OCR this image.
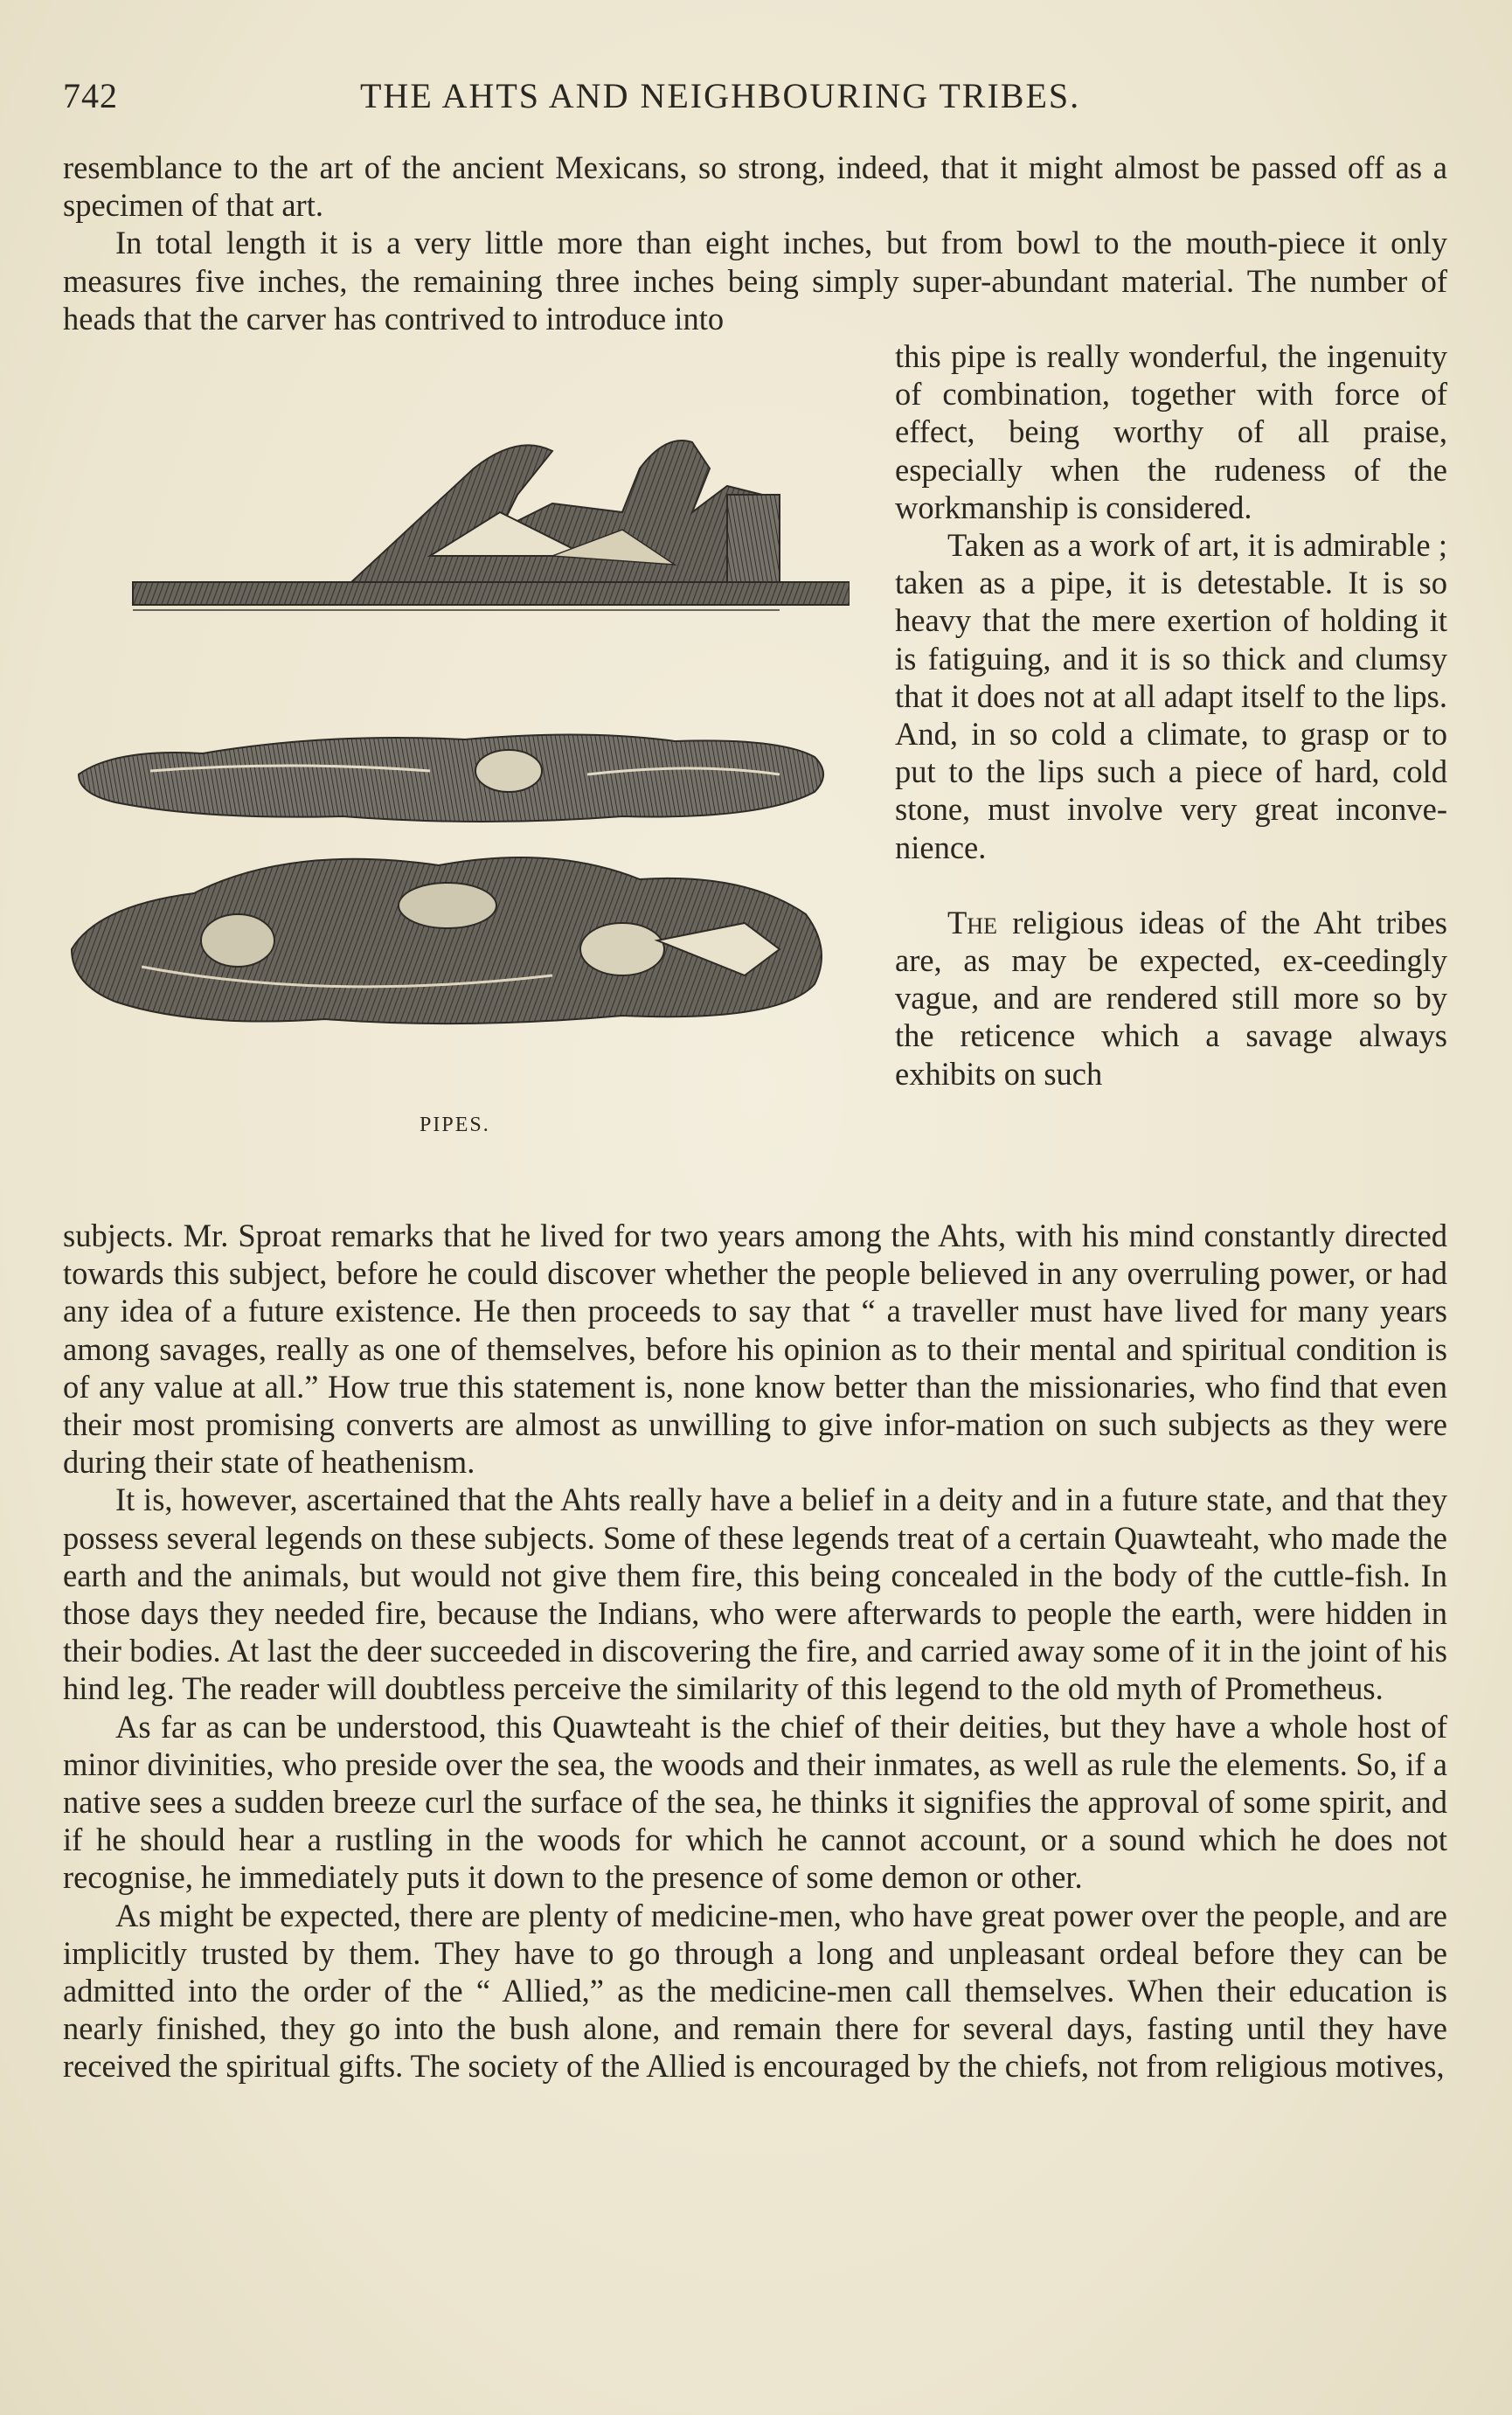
742	THE AHTS AND NEIGHBOURING TRIBES.

resemblance to the art of the ancient Mexicans, so strong, indeed, that it might almost be passed off as a specimen of that art.

In total length it is a very little more than eight inches, but from bowl to the mouth-piece it only measures five inches, the remaining three inches being simply super-abundant material. The number of heads that the carver has contrived to introduce into

PIPES.

this pipe is really wonderful, the ingenuity of combination, together with force of effect, being worthy of all praise, especially when the rudeness of the workmanship is considered.

Taken as a work of art, it is admirable ; taken as a pipe, it is detestable. It is so heavy that the mere exertion of holding it is fatiguing, and it is so thick and clumsy that it does not at all adapt itself to the lips. And, in so cold a climate, to grasp or to put to the lips such a piece of hard, cold stone, must involve very great inconve-nience.

The religious ideas of the Aht tribes are, as may be expected, ex-ceedingly vague, and are rendered still more so by the reticence which a savage always exhibits on such

subjects. Mr. Sproat remarks that he lived for two years among the Ahts, with his mind constantly directed towards this subject, before he could discover whether the people believed in any overruling power, or had any idea of a future existence. He then proceeds to say that “ a traveller must have lived for many years among savages, really as one of themselves, before his opinion as to their mental and spiritual condition is of any value at all.” How true this statement is, none know better than the missionaries, who find that even their most promising converts are almost as unwilling to give infor-mation on such subjects as they were during their state of heathenism.

It is, however, ascertained that the Ahts really have a belief in a deity and in a future state, and that they possess several legends on these subjects. Some of these legends treat of a certain Quawteaht, who made the earth and the animals, but would not give them fire, this being concealed in the body of the cuttle-fish. In those days they needed fire, because the Indians, who were afterwards to people the earth, were hidden in their bodies. At last the deer succeeded in discovering the fire, and carried away some of it in the joint of his hind leg. The reader will doubtless perceive the similarity of this legend to the old myth of Prometheus.

As far as can be understood, this Quawteaht is the chief of their deities, but they have a whole host of minor divinities, who preside over the sea, the woods and their inmates, as well as rule the elements. So, if a native sees a sudden breeze curl the surface of the sea, he thinks it signifies the approval of some spirit, and if he should hear a rustling in the woods for which he cannot account, or a sound which he does not recognise, he immediately puts it down to the presence of some demon or other.

As might be expected, there are plenty of medicine-men, who have great power over the people, and are implicitly trusted by them. They have to go through a long and unpleasant ordeal before they can be admitted into the order of the “ Allied,” as the medicine-men call themselves. When their education is nearly finished, they go into the bush alone, and remain there for several days, fasting until they have received the spiritual gifts. The society of the Allied is encouraged by the chiefs, not from religious motives,
